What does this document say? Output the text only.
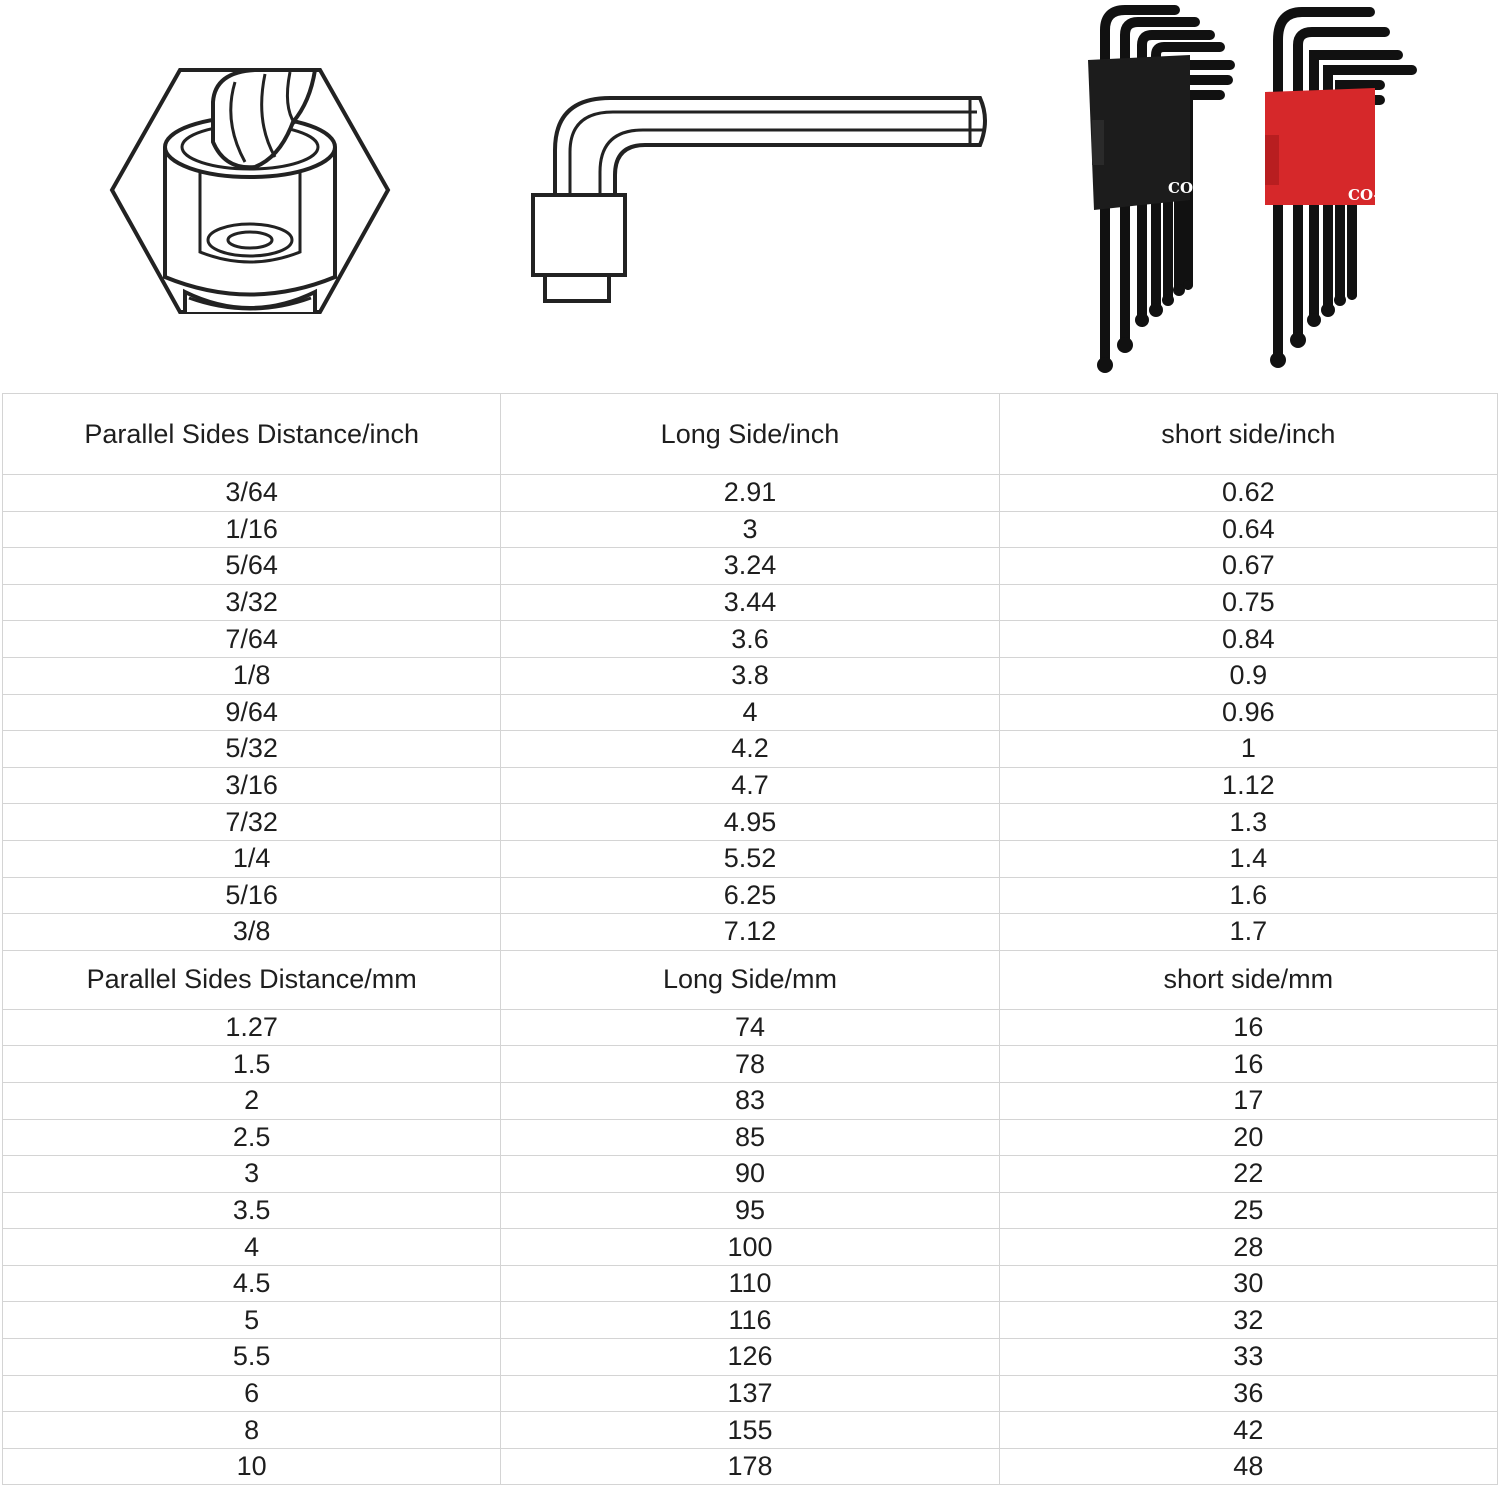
CO-Z	CO-Z
Parallel Sides Distance/inch	Long Side/inch	short side/inch
3/64	2.91	0.62
1/16	3	0.64
5/64	3.24	0.67
3/32	3.44	0.75
7/64	3.6	0.84
1/8	3.8	0.9
9/64	4	0.96
5/32	4.2	1
3/16	4.7	1.12
7/32	4.95	1.3
1/4	5.52	1.4
5/16	6.25	1.6
3/8	7.12	1.7
Parallel Sides Distance/mm	Long Side/mm	short side/mm
1.27	74	16
1.5	78	16
2	83	17
2.5	85	20
3	90	22
3.5	95	25
4	100	28
4.5	110	30
5	116	32
5.5	126	33
6	137	36
8	155	42
10	178	48
